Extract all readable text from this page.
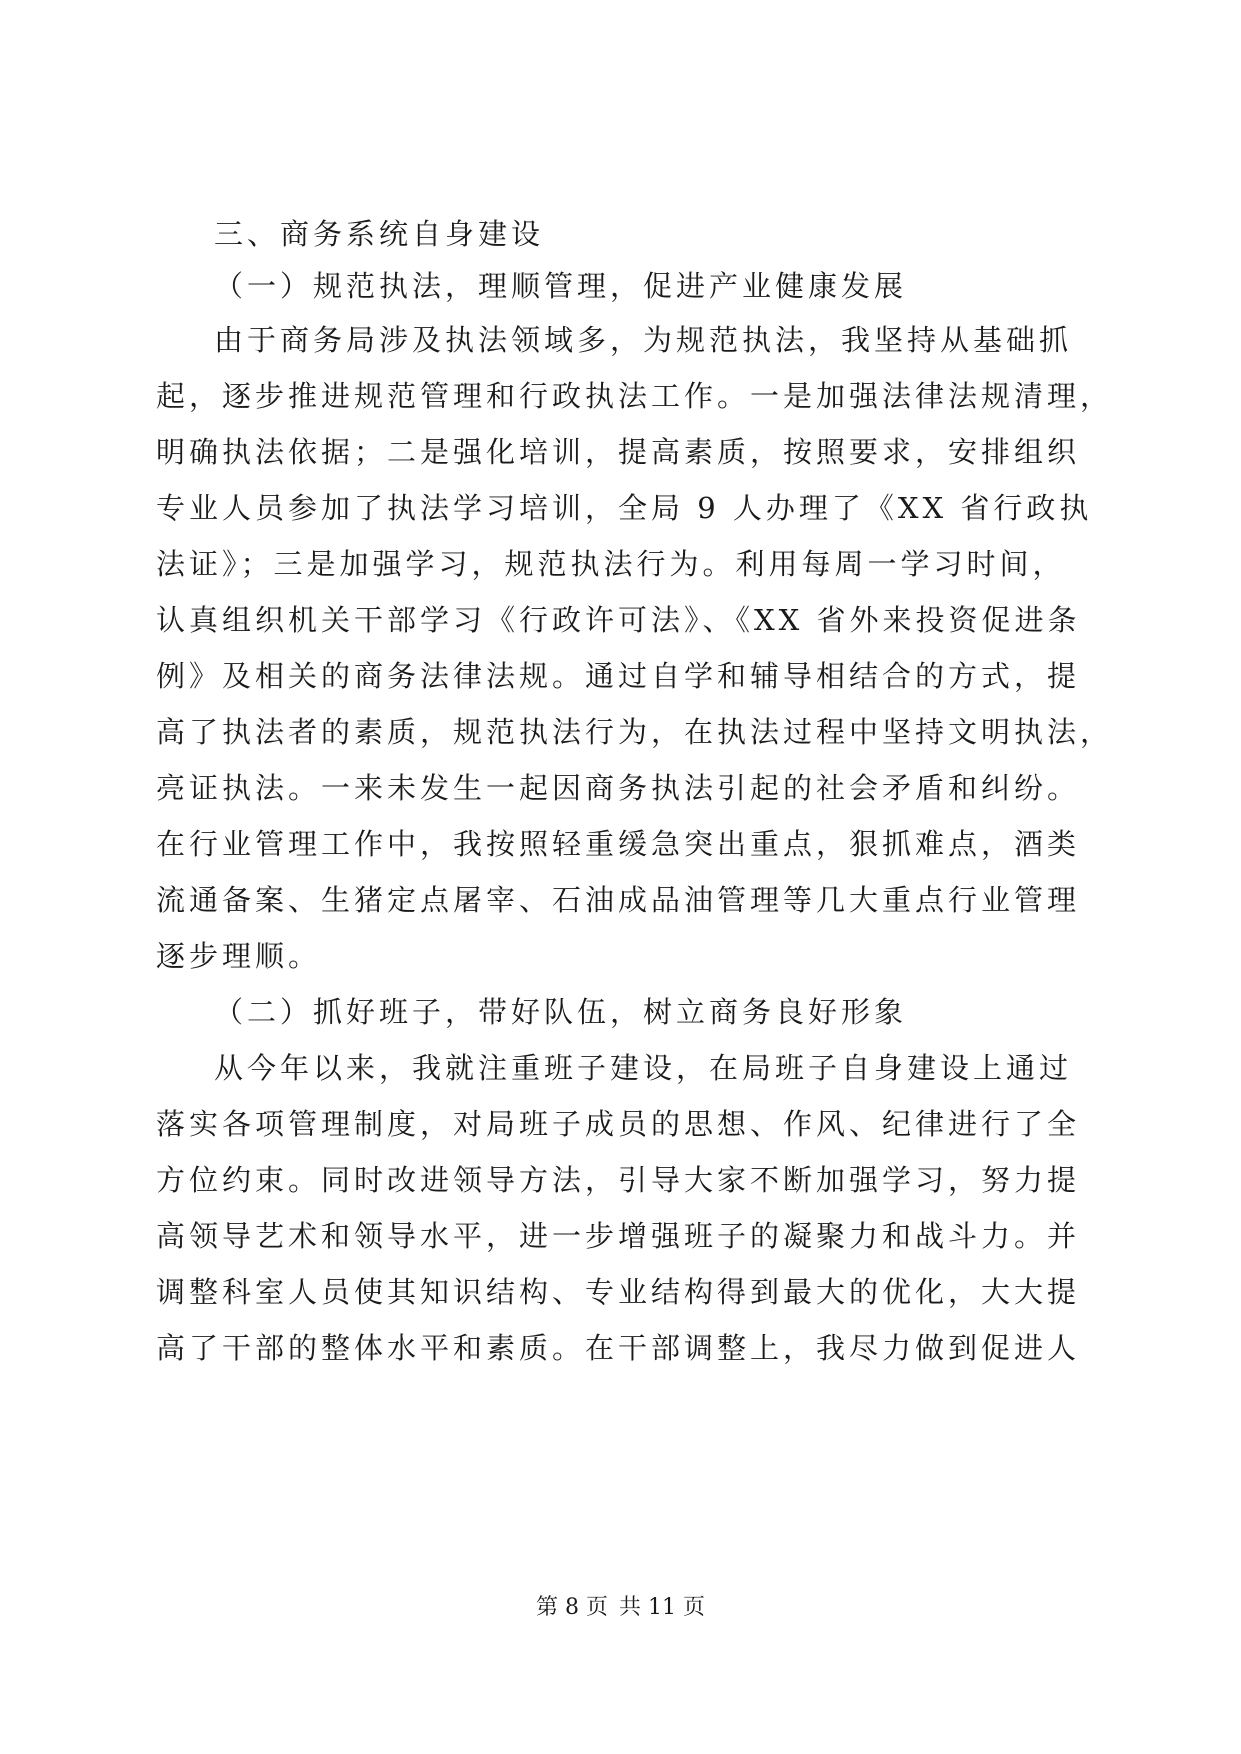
三、商务系统自身建设
（一）规范执法，理顺管理，促进产业健康发展
由于商务局涉及执法领域多，为规范执法，我坚持从基础抓
起，逐步推进规范管理和行政执法工作。一是加强法律法规清理，
明确执法依据；二是强化培训，提高素质，按照要求，安排组织
专业人员参加了执法学习培训，全局 9 人办理了《XX 省行政执
法证》；三是加强学习，规范执法行为。利用每周一学习时间，
认真组织机关干部学习《行政许可法》、《XX 省外来投资促进条
例》及相关的商务法律法规。通过自学和辅导相结合的方式，提
高了执法者的素质，规范执法行为，在执法过程中坚持文明执法，
亮证执法。一来未发生一起因商务执法引起的社会矛盾和纠纷。
在行业管理工作中，我按照轻重缓急突出重点，狠抓难点，酒类
流通备案、生猪定点屠宰、石油成品油管理等几大重点行业管理
逐步理顺。
（二）抓好班子，带好队伍，树立商务良好形象
从今年以来，我就注重班子建设，在局班子自身建设上通过
落实各项管理制度，对局班子成员的思想、作风、纪律进行了全
方位约束。同时改进领导方法，引导大家不断加强学习，努力提
高领导艺术和领导水平，进一步增强班子的凝聚力和战斗力。并
调整科室人员使其知识结构、专业结构得到最大的优化，大大提
高了干部的整体水平和素质。在干部调整上，我尽力做到促进人
第 8 页 共 11 页
